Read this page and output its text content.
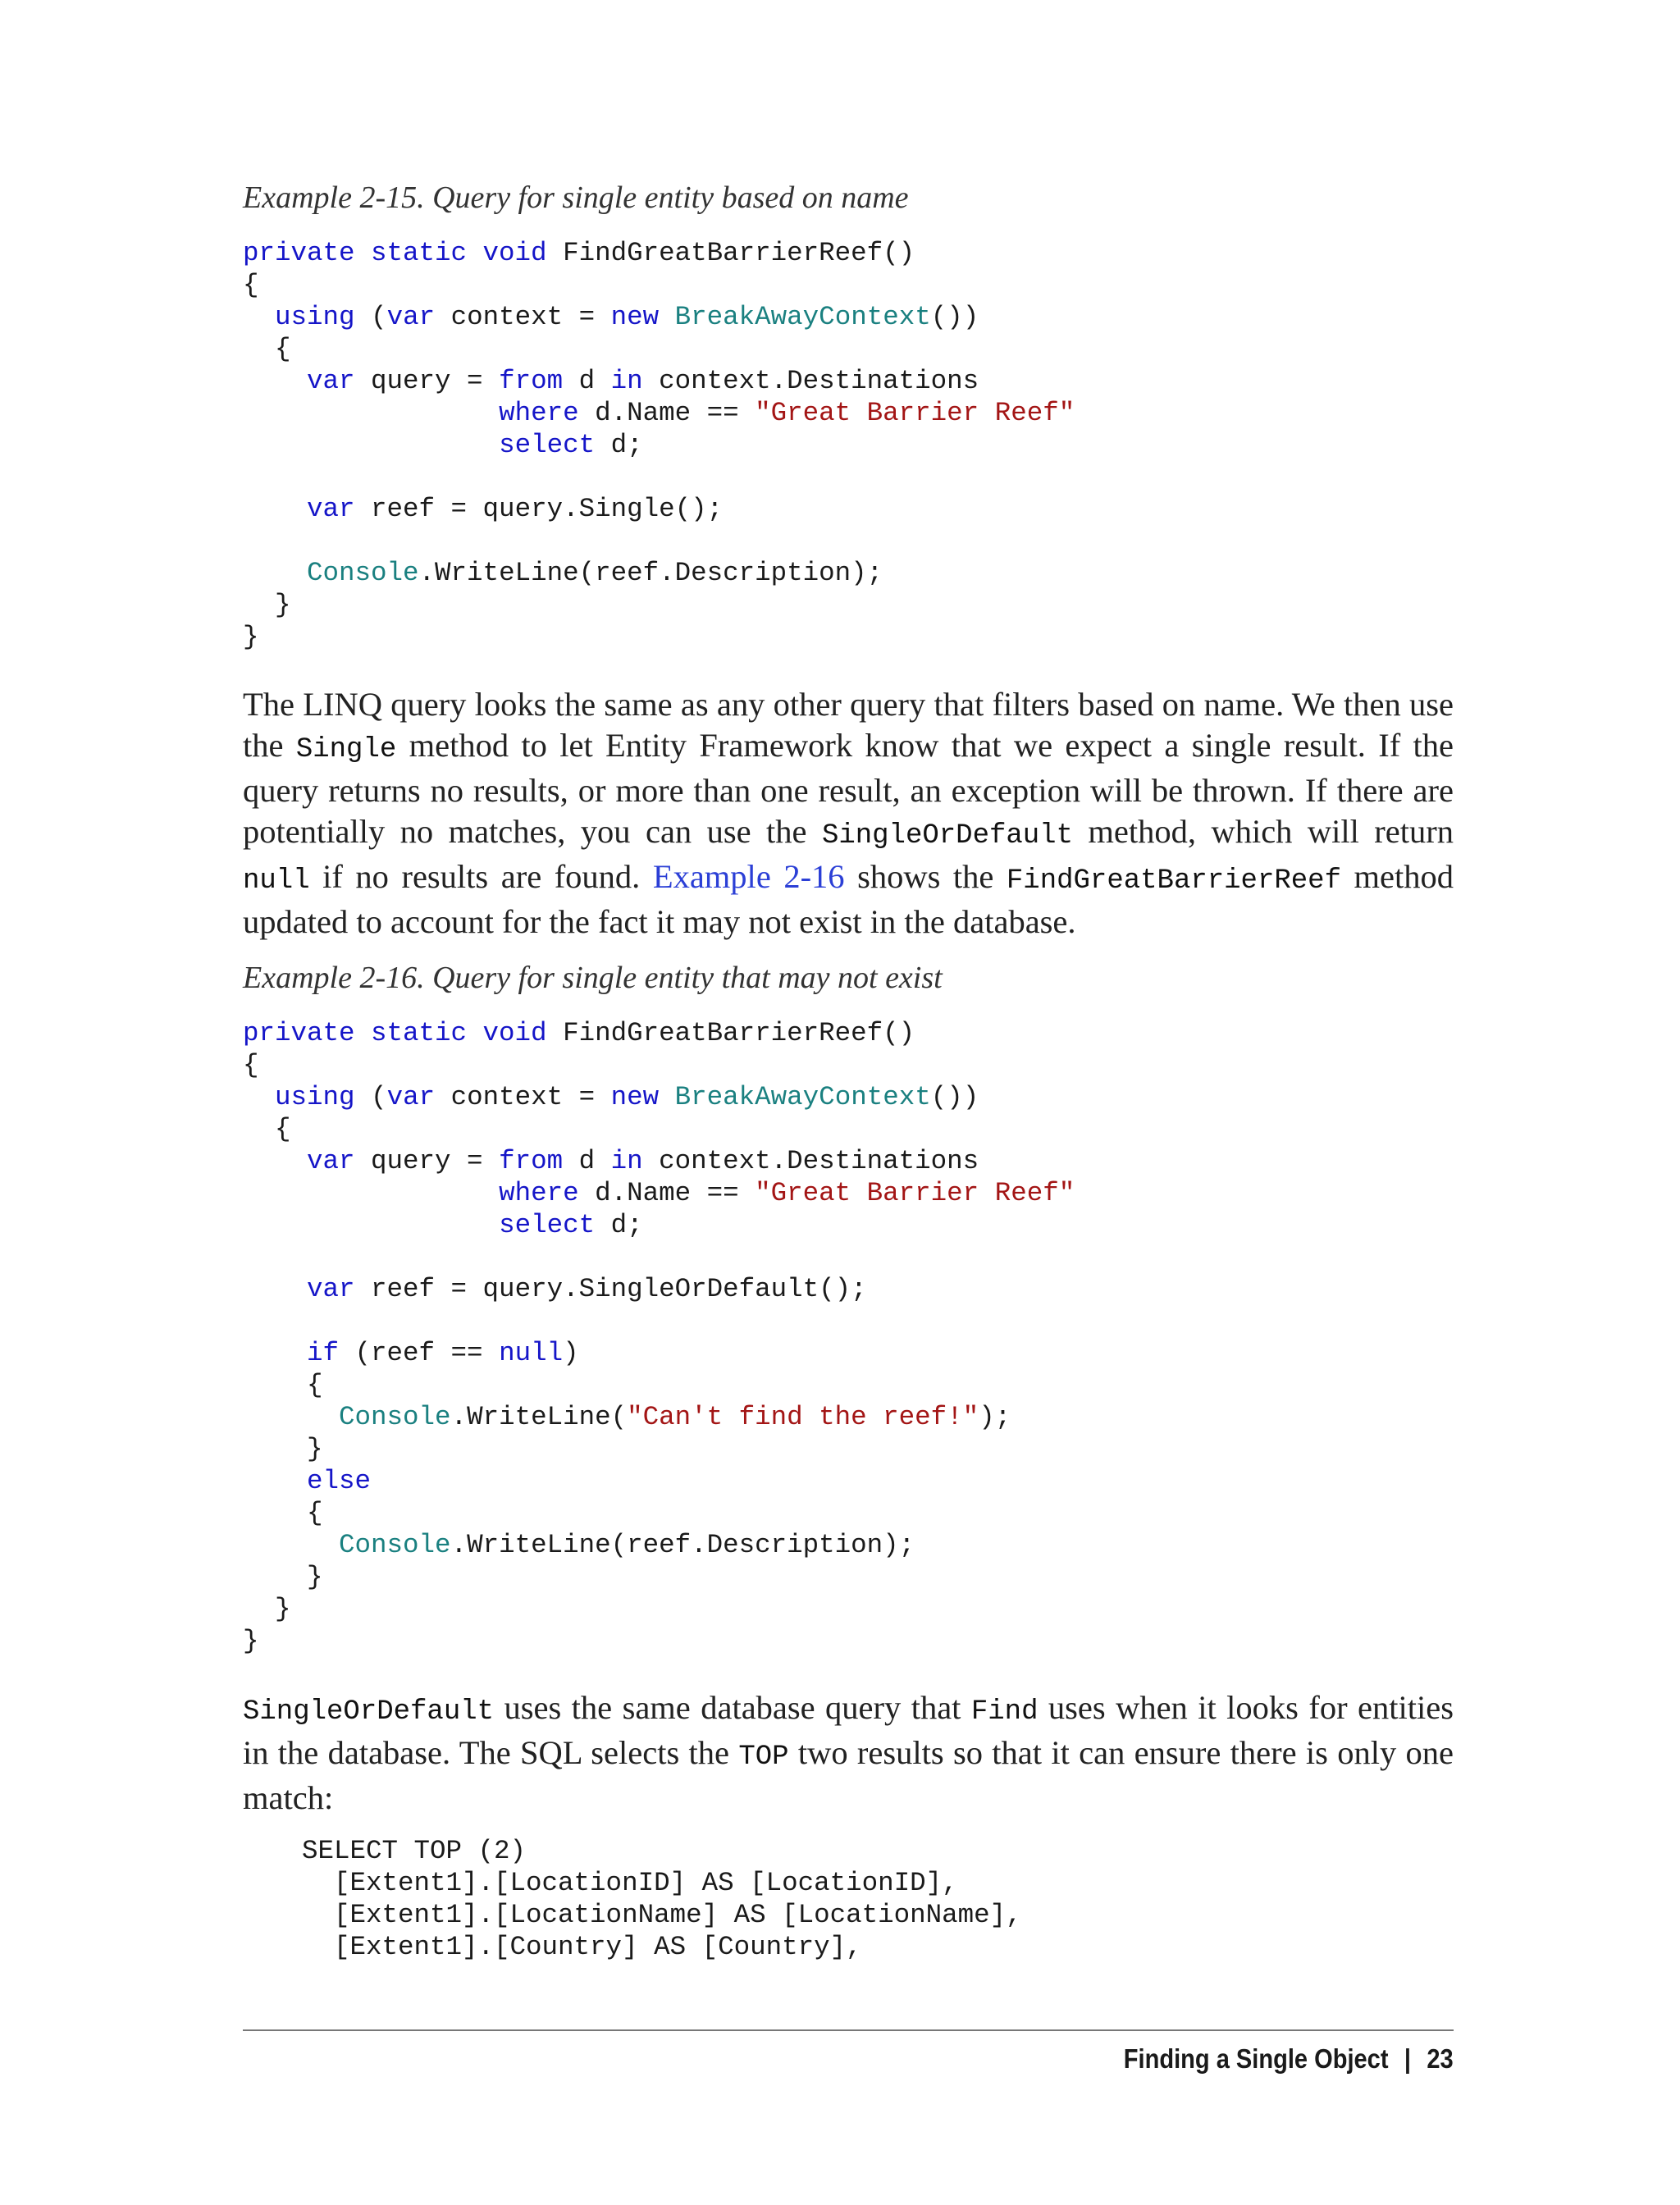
Example 2-15. Query for single entity based on name
private static void FindGreatBarrierReef()
{
using (var context = new BreakAwayContext())
{
var query = from d in context.Destinations
where d.Name == "Great Barrier Reef"
select d;
var reef = query.Single();
Console.WriteLine(reef.Description);
}
}

The LINQ query looks the same as any other query that filters based on name. We then use the Single method to let Entity Framework know that we expect a single result. If the query returns no results, or more than one result, an exception will be thrown. If there are potentially no matches, you can use the SingleOrDefault method, which will return null if no results are found. Example 2-16 shows the FindGreatBarrierReef method updated to account for the fact it may not exist in the database.

Example 2-16. Query for single entity that may not exist
private static void FindGreatBarrierReef()
{
using (var context = new BreakAwayContext())
{
var query = from d in context.Destinations
where d.Name == "Great Barrier Reef"
select d;
var reef = query.SingleOrDefault();
if (reef == null)
{
Console.WriteLine("Can't find the reef!");
}
else
{
Console.WriteLine(reef.Description);
}
}
}

SingleOrDefault uses the same database query that Find uses when it looks for entities in the database. The SQL selects the TOP two results so that it can ensure there is only one match:

SELECT TOP (2)
[Extent1].[LocationID] AS [LocationID],
[Extent1].[LocationName] AS [LocationName],
[Extent1].[Country] AS [Country],
Finding a Single Object | 23
